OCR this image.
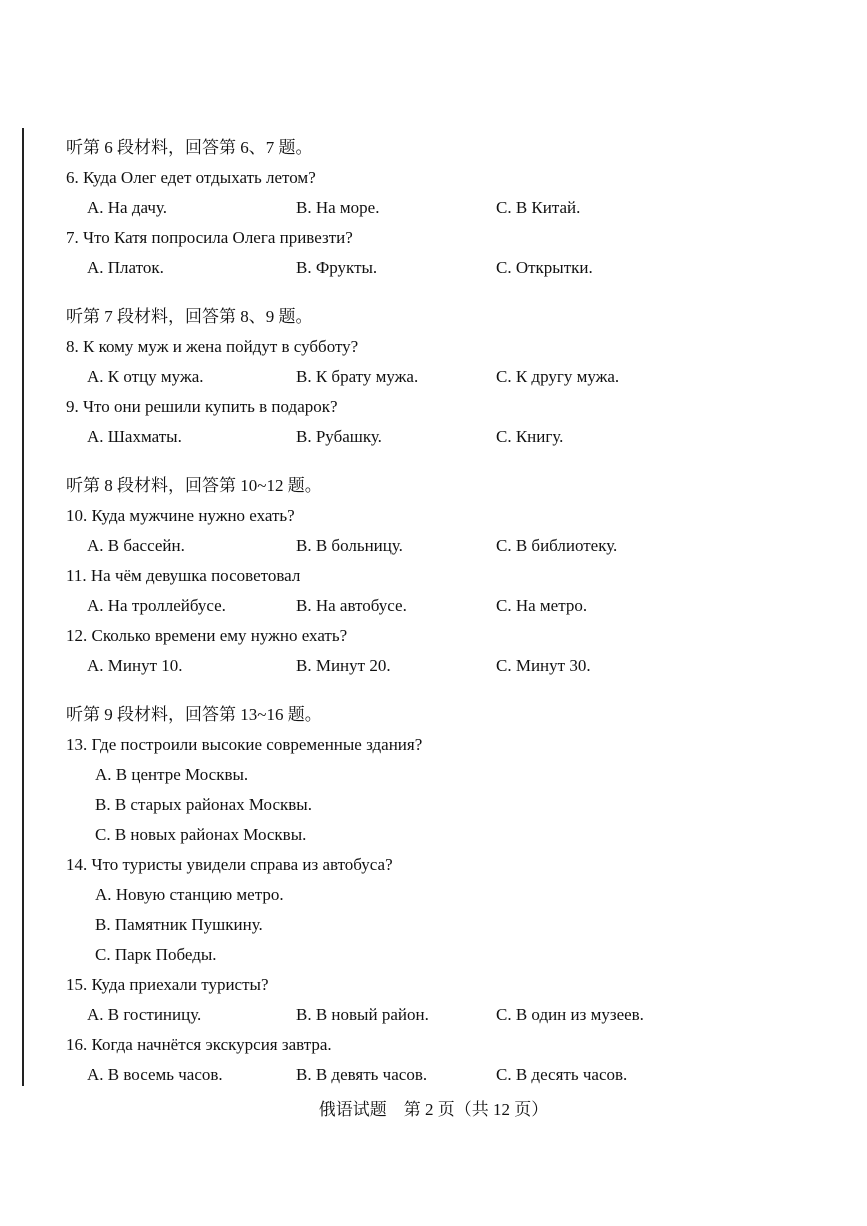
听第 6 段材料，回答第 6、7 题。
6. Куда Олег едет отдыхать летом?
A. На дачу.	B. На море.	C. В Китай.
7. Что Катя попросила Олега привезти?
A. Платок.	B. Фрукты.	C. Открытки.
听第 7 段材料，回答第 8、9 题。
8. К кому муж и жена пойдут в субботу?
A. К отцу мужа.	B. К брату мужа.	C. К другу мужа.
9. Что они решили купить в подарок?
A. Шахматы.	B. Рубашку.	C. Книгу.
听第 8 段材料，回答第 10~12 题。
10. Куда мужчине нужно ехать?
A. В бассейн.	B. В больницу.	C. В библиотеку.
11. На чём девушка посоветовал
A. На троллейбусе.	B. На автобусе.	C. На метро.
12. Сколько времени ему нужно ехать?
A. Минут 10.	B. Минут 20.	C. Минут 30.
听第 9 段材料，回答第 13~16 题。
13. Где построили высокие современные здания?
A. В центре Москвы.
B. В старых районах Москвы.
C. В новых районах Москвы.
14. Что туристы увидели справа из автобуса?
A. Новую станцию метро.
B. Памятник Пушкину.
C. Парк Победы.
15. Куда приехали туристы?
A. В гостиницу.	B. В новый район.	C. В один из музеев.
16. Когда начнётся экскурсия завтра.
A. В восемь часов.	B. В девять часов.	C. В десять часов.
俄语试题　第 2 页（共 12 页）
